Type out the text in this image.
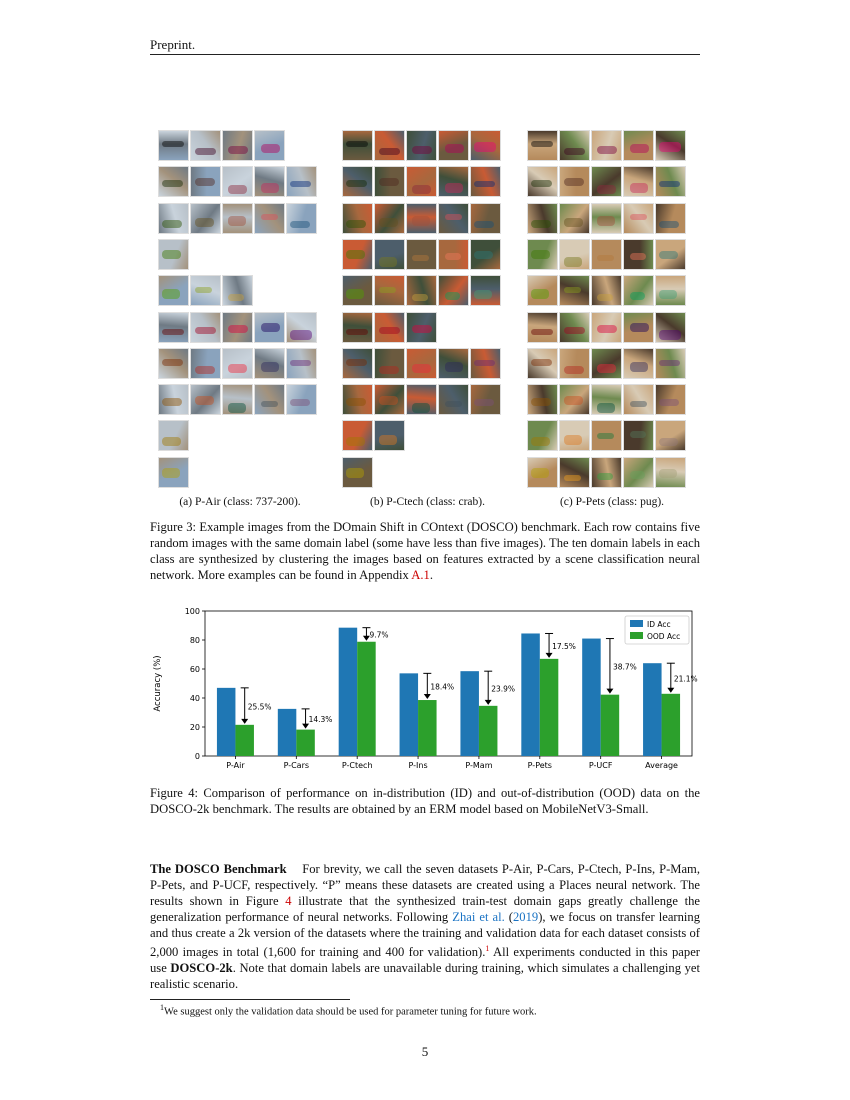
Preprint.
(a) P-Air (class: 737-200).	(b) P-Ctech (class: crab).	(c) P-Pets (class: pug).
Figure 3: Example images from the DOmain Shift in COntext (DOSCO) benchmark. Each row contains five random images with the same domain label (some have less than five images). The ten domain labels in each class are synthesized by clustering the images based on features extracted by a scene classification neural network. More examples can be found in Appendix A.1.
0
20
40
60
80
100
Accuracy (%)
P-Air
25.5%
P-Cars
14.3%
P-Ctech
9.7%
P-Ins
18.4%
P-Mam
23.9%
P-Pets
17.5%
P-UCF
38.7%
Average
21.1%
ID Acc
OOD Acc
Figure 4: Comparison of performance on in-distribution (ID) and out-of-distribution (OOD) data on the DOSCO-2k benchmark. The results are obtained by an ERM model based on MobileNetV3-Small.
The DOSCO Benchmark For brevity, we call the seven datasets P-Air, P-Cars, P-Ctech, P-Ins, P-Mam, P-Pets, and P-UCF, respectively. “P” means these datasets are created using a Places neural network. The results shown in Figure 4 illustrate that the synthesized train-test domain gaps greatly challenge the generalization performance of neural networks. Following Zhai et al. (2019), we focus on transfer learning and thus create a 2k version of the datasets where the training and validation data for each dataset consists of 2,000 images in total (1,600 for training and 400 for validation).$^1$ All experiments conducted in this paper use DOSCO-2k. Note that domain labels are unavailable during training, which simulates a challenging yet realistic scenario.
$^1$We suggest only the validation data should be used for parameter tuning for future work.
5
